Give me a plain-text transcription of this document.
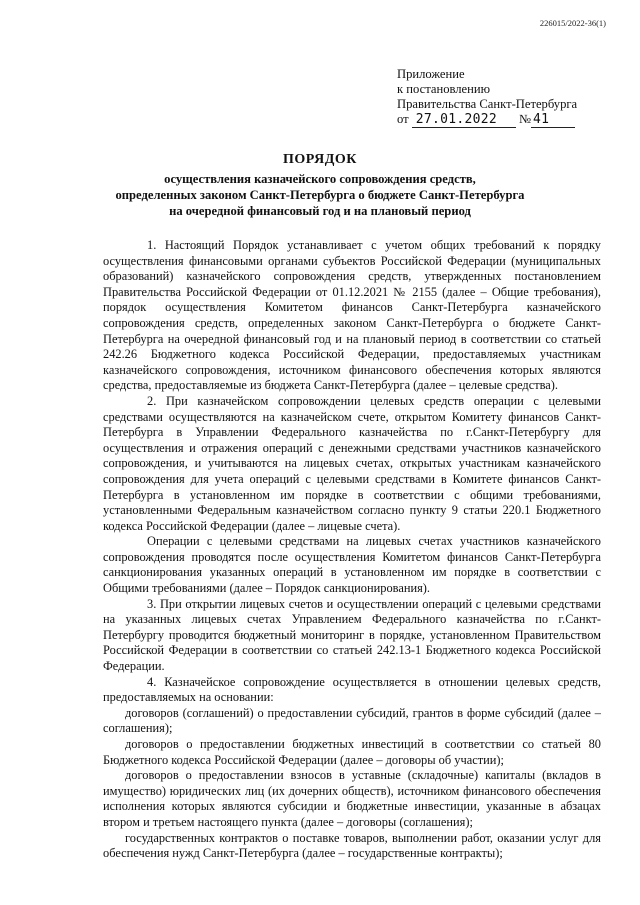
226015/2022-36(1)
Приложение
к постановлению
Правительства Санкт-Петербурга
от 27.01.2022 № 41
ПОРЯДОК
осуществления казначейского сопровождения средств,
определенных законом Санкт-Петербурга о бюджете Санкт-Петербурга
на очередной финансовый год и на плановый период

1. Настоящий Порядок устанавливает с учетом общих требований к порядку осуществления финансовыми органами субъектов Российской Федерации (муниципальных образований) казначейского сопровождения средств, утвержденных постановлением Правительства Российской Федерации от 01.12.2021 № 2155 (далее – Общие требования), порядок осуществления Комитетом финансов Санкт-Петербурга казначейского сопровождения средств, определенных законом Санкт-Петербурга о бюджете Санкт-Петербурга на очередной финансовый год и на плановый период в соответствии со статьей 242.26 Бюджетного кодекса Российской Федерации, предоставляемых участникам казначейского сопровождения, источником финансового обеспечения которых являются средства, предоставляемые из бюджета Санкт-Петербурга (далее – целевые средства).

2. При казначейском сопровождении целевых средств операции с целевыми средствами осуществляются на казначейском счете, открытом Комитету финансов Санкт-Петербурга в Управлении Федерального казначейства по г.Санкт-Петербургу для осуществления и отражения операций с денежными средствами участников казначейского сопровождения, и учитываются на лицевых счетах, открытых участникам казначейского сопровождения для учета операций с целевыми средствами в Комитете финансов Санкт-Петербурга в установленном им порядке в соответствии с общими требованиями, установленными Федеральным казначейством согласно пункту 9 статьи 220.1 Бюджетного кодекса Российской Федерации (далее – лицевые счета).

Операции с целевыми средствами на лицевых счетах участников казначейского сопровождения проводятся после осуществления Комитетом финансов Санкт-Петербурга санкционирования указанных операций в установленном им порядке в соответствии с Общими требованиями (далее – Порядок санкционирования).

3. При открытии лицевых счетов и осуществлении операций с целевыми средствами на указанных лицевых счетах Управлением Федерального казначейства по г.Санкт-Петербургу проводится бюджетный мониторинг в порядке, установленном Правительством Российской Федерации в соответствии со статьей 242.13-1 Бюджетного кодекса Российской Федерации.

4. Казначейское сопровождение осуществляется в отношении целевых средств, предоставляемых на основании:

договоров (соглашений) о предоставлении субсидий, грантов в форме субсидий (далее – соглашения);

договоров о предоставлении бюджетных инвестиций в соответствии со статьей 80 Бюджетного кодекса Российской Федерации (далее – договоры об участии);

договоров о предоставлении взносов в уставные (складочные) капиталы (вкладов в имущество) юридических лиц (их дочерних обществ), источником финансового обеспечения исполнения которых являются субсидии и бюджетные инвестиции, указанные в абзацах втором и третьем настоящего пункта (далее – договоры (соглашения);

государственных контрактов о поставке товаров, выполнении работ, оказании услуг для обеспечения нужд Санкт-Петербурга (далее – государственные контракты);
